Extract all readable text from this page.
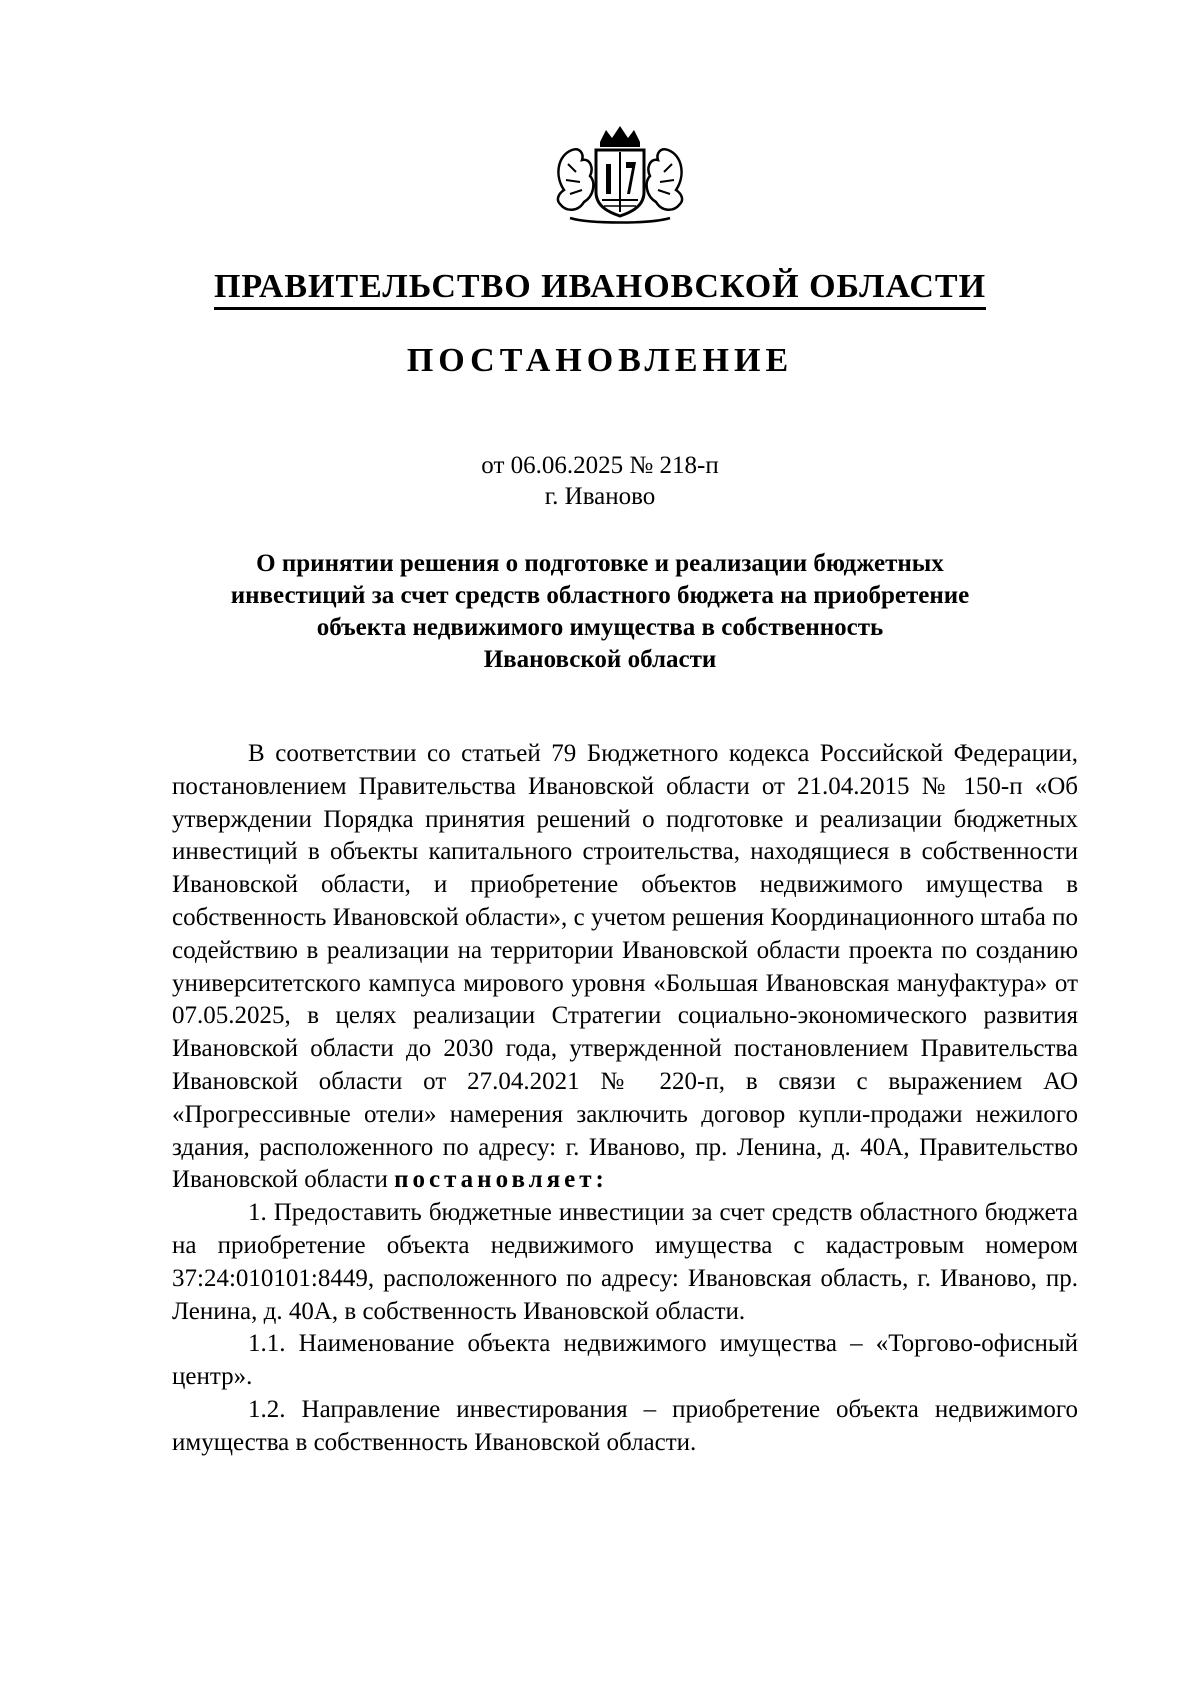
ПРАВИТЕЛЬСТВО ИВАНОВСКОЙ ОБЛАСТИ
ПОСТАНОВЛЕНИЕ
от 06.06.2025 № 218-п
г. Иваново
О принятии решения о подготовке и реализации бюджетных
инвестиций за счет средств областного бюджета на приобретение
объекта недвижимого имущества в собственность
Ивановской области

В соответствии со статьей 79 Бюджетного кодекса Российской Федерации, постановлением Правительства Ивановской области от 21.04.2015 № 150-п «Об утверждении Порядка принятия решений о подготовке и реализации бюджетных инвестиций в объекты капитального строительства, находящиеся в собственности Ивановской области, и приобретение объектов недвижимого имущества в собственность Ивановской области», с учетом решения Координационного штаба по содействию в реализации на территории Ивановской области проекта по созданию университетского кампуса мирового уровня «Большая Ивановская мануфактура» от 07.05.2025, в целях реализации Стратегии социально-экономического развития Ивановской области до 2030 года, утвержденной постановлением Правительства Ивановской области от 27.04.2021 № 220-п, в связи с выражением АО «Прогрессивные отели» намерения заключить договор купли-продажи нежилого здания, расположенного по адресу: г. Иваново, пр. Ленина, д. 40А, Правительство Ивановской области постановляет:

1. Предоставить бюджетные инвестиции за счет средств областного бюджета на приобретение объекта недвижимого имущества с кадастровым номером 37:24:010101:8449, расположенного по адресу: Ивановская область, г. Иваново, пр. Ленина, д. 40А, в собственность Ивановской области.

1.1. Наименование объекта недвижимого имущества – «Торгово-офисный центр».

1.2. Направление инвестирования – приобретение объекта недвижимого имущества в собственность Ивановской области.
